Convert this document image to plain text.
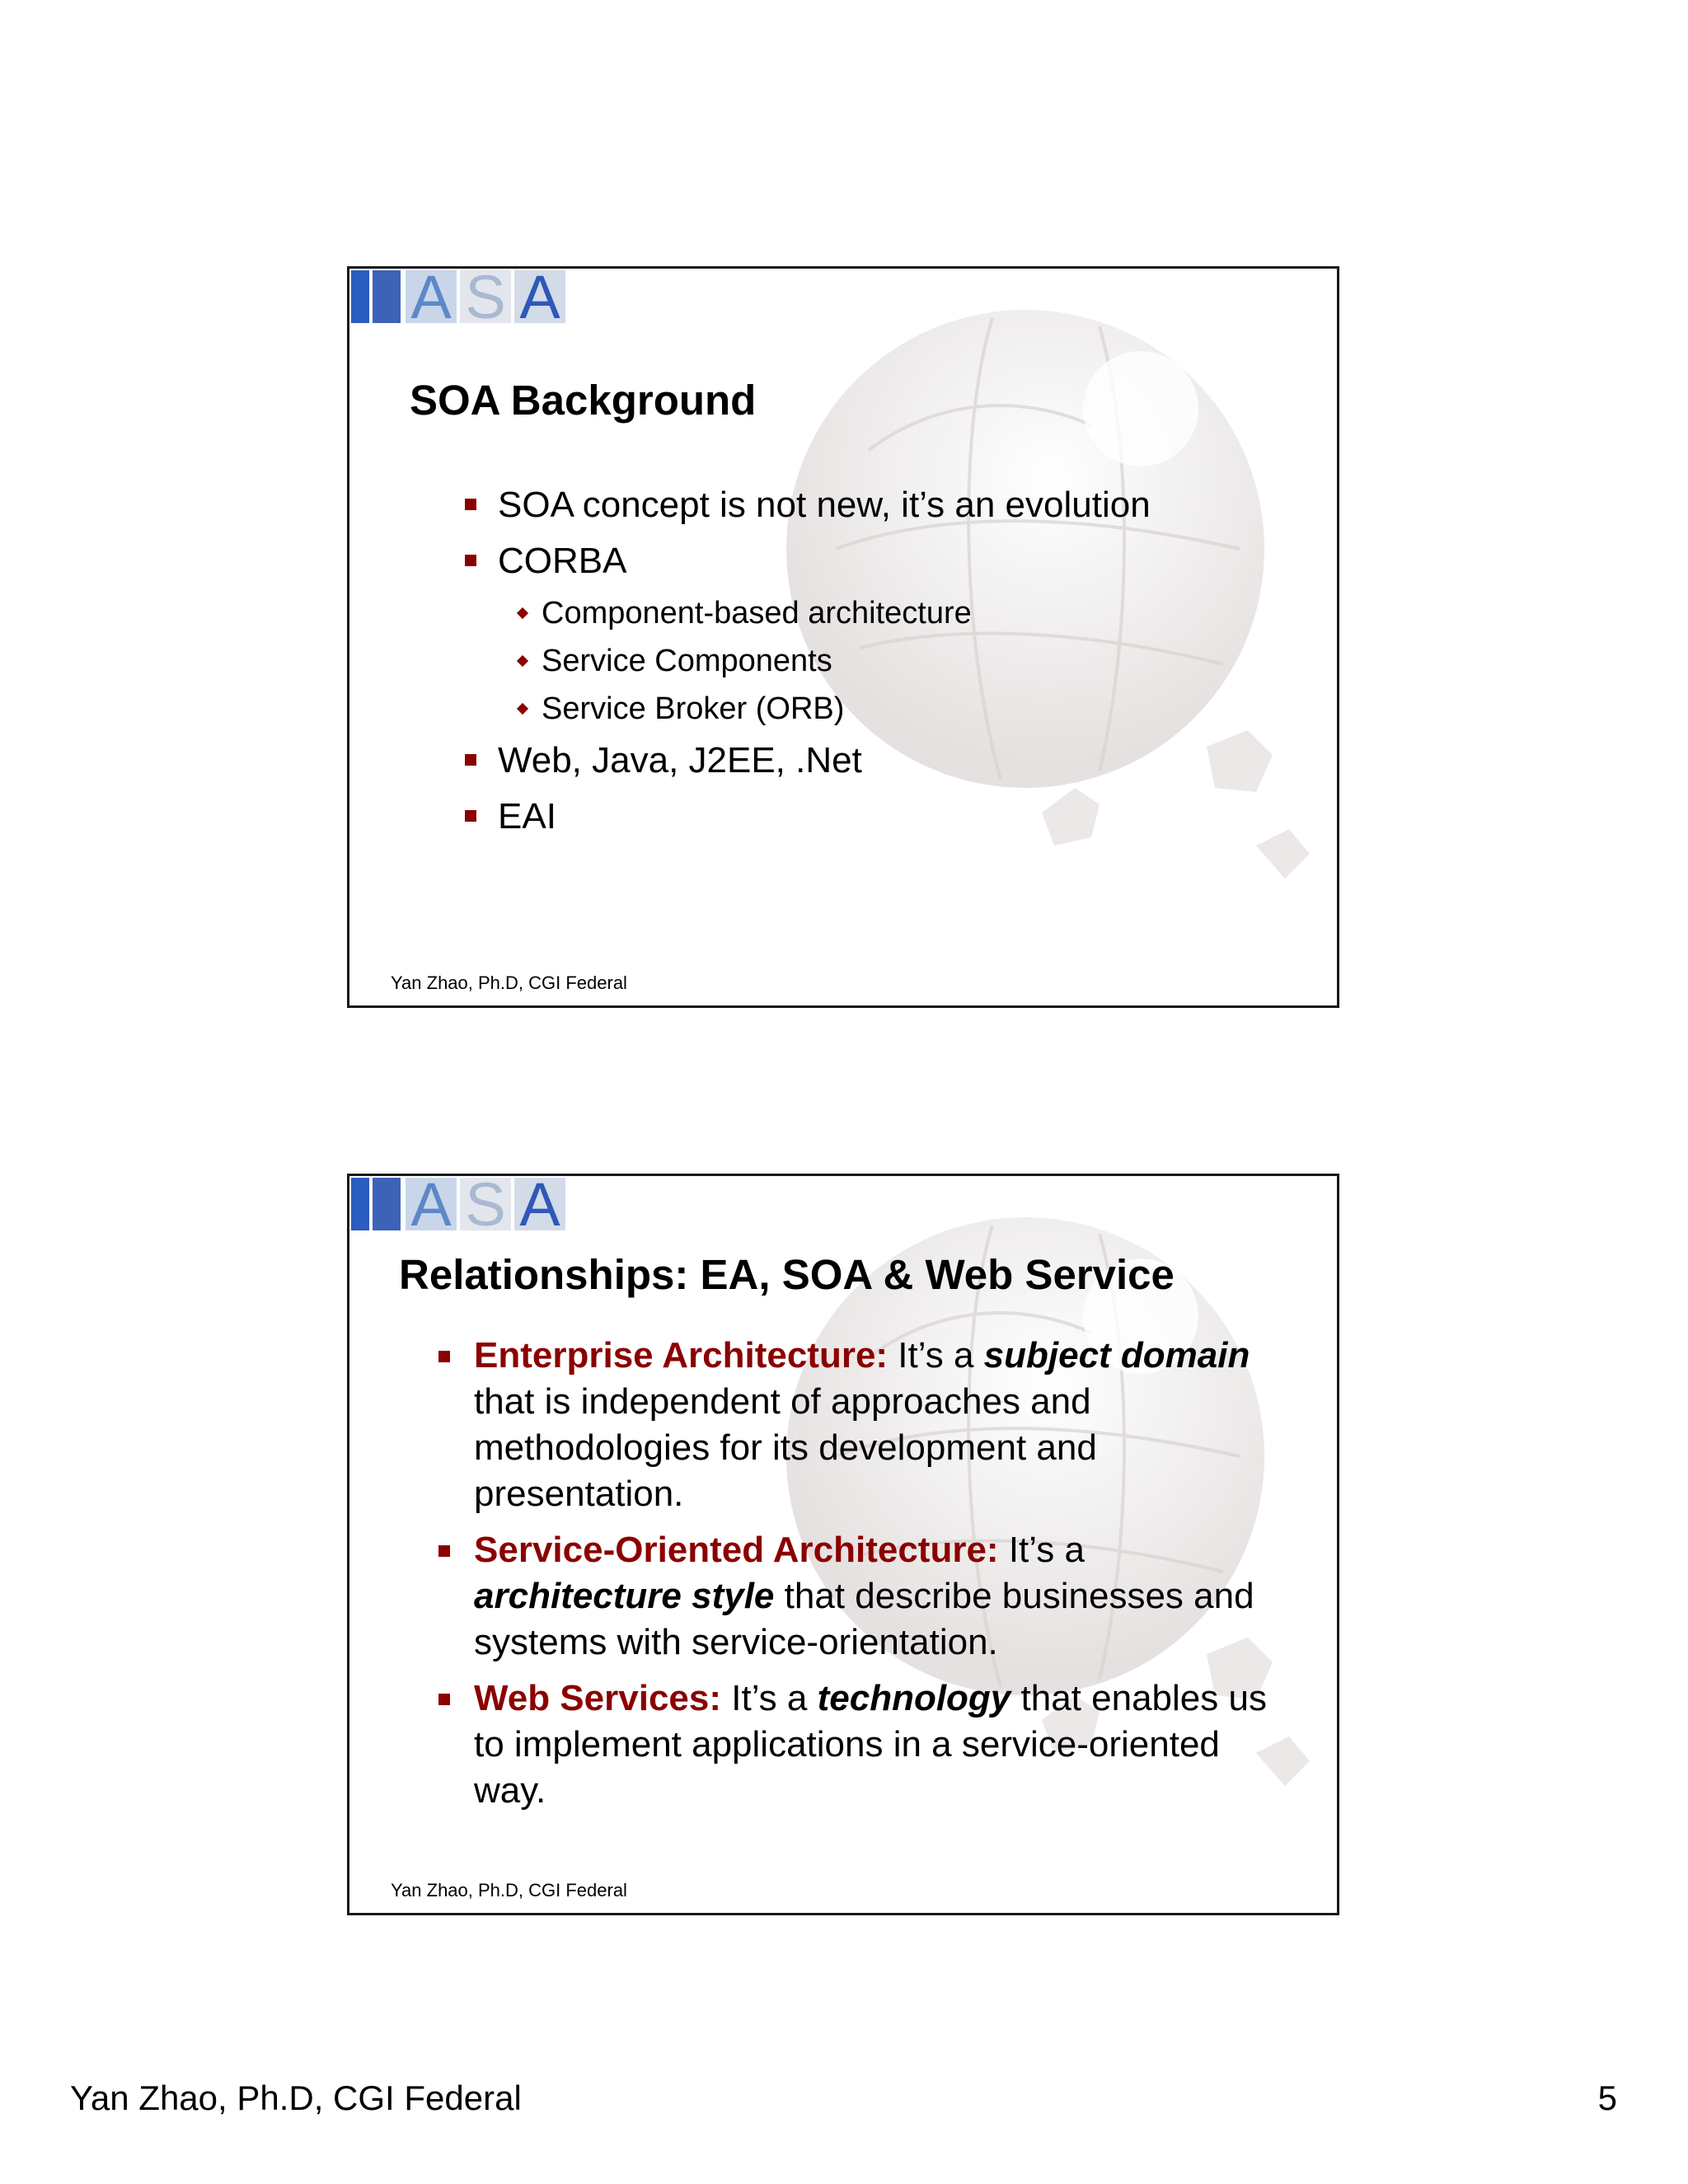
I A S A
SOA Background
SOA concept is not new, it’s an evolution
CORBA
Component-based architecture
Service Components
Service Broker (ORB)
Web, Java, J2EE, .Net
EAI
Yan Zhao, Ph.D, CGI Federal
I A S A
Relationships: EA, SOA & Web Service
Enterprise Architecture: It’s a subject domain that is independent of approaches and methodologies for its development and presentation.
Service-Oriented Architecture: It’s a architecture style that describe businesses and systems with service-orientation.
Web Services: It’s a technology that enables us to implement applications in a service-oriented way.
Yan Zhao, Ph.D, CGI Federal
Yan Zhao, Ph.D, CGI Federal	5
